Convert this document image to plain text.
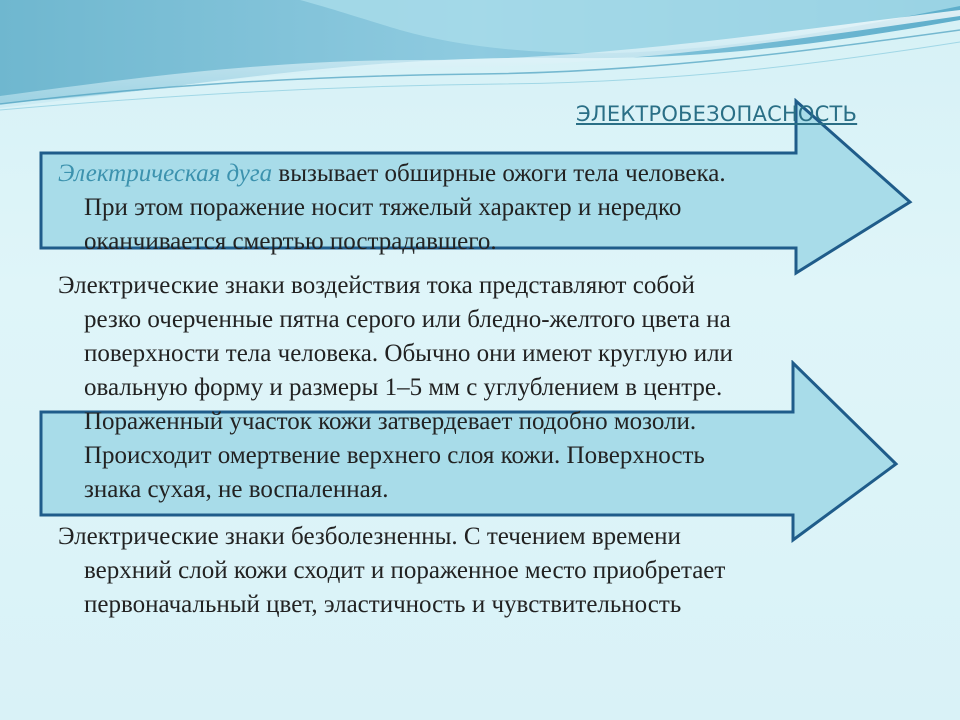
ЭЛЕКТРОБЕЗОПАСНОСТЬ

Электрическая дуга вызывает обширные ожоги тела человека.
При этом поражение носит тяжелый характер и нередко
оканчивается смертью пострадавшего.

Электрические знаки воздействия тока представляют собой
резко очерченные пятна серого или бледно-желтого цвета на
поверхности тела человека. Обычно они имеют круглую или
овальную форму и размеры 1–5 мм с углублением в центре.
Пораженный участок кожи затвердевает подобно мозоли.
Происходит омертвение верхнего слоя кожи. Поверхность
знака сухая, не воспаленная.

Электрические знаки безболезненны. С течением времени
верхний слой кожи сходит и пораженное место приобретает
первоначальный цвет, эластичность и чувствительность
